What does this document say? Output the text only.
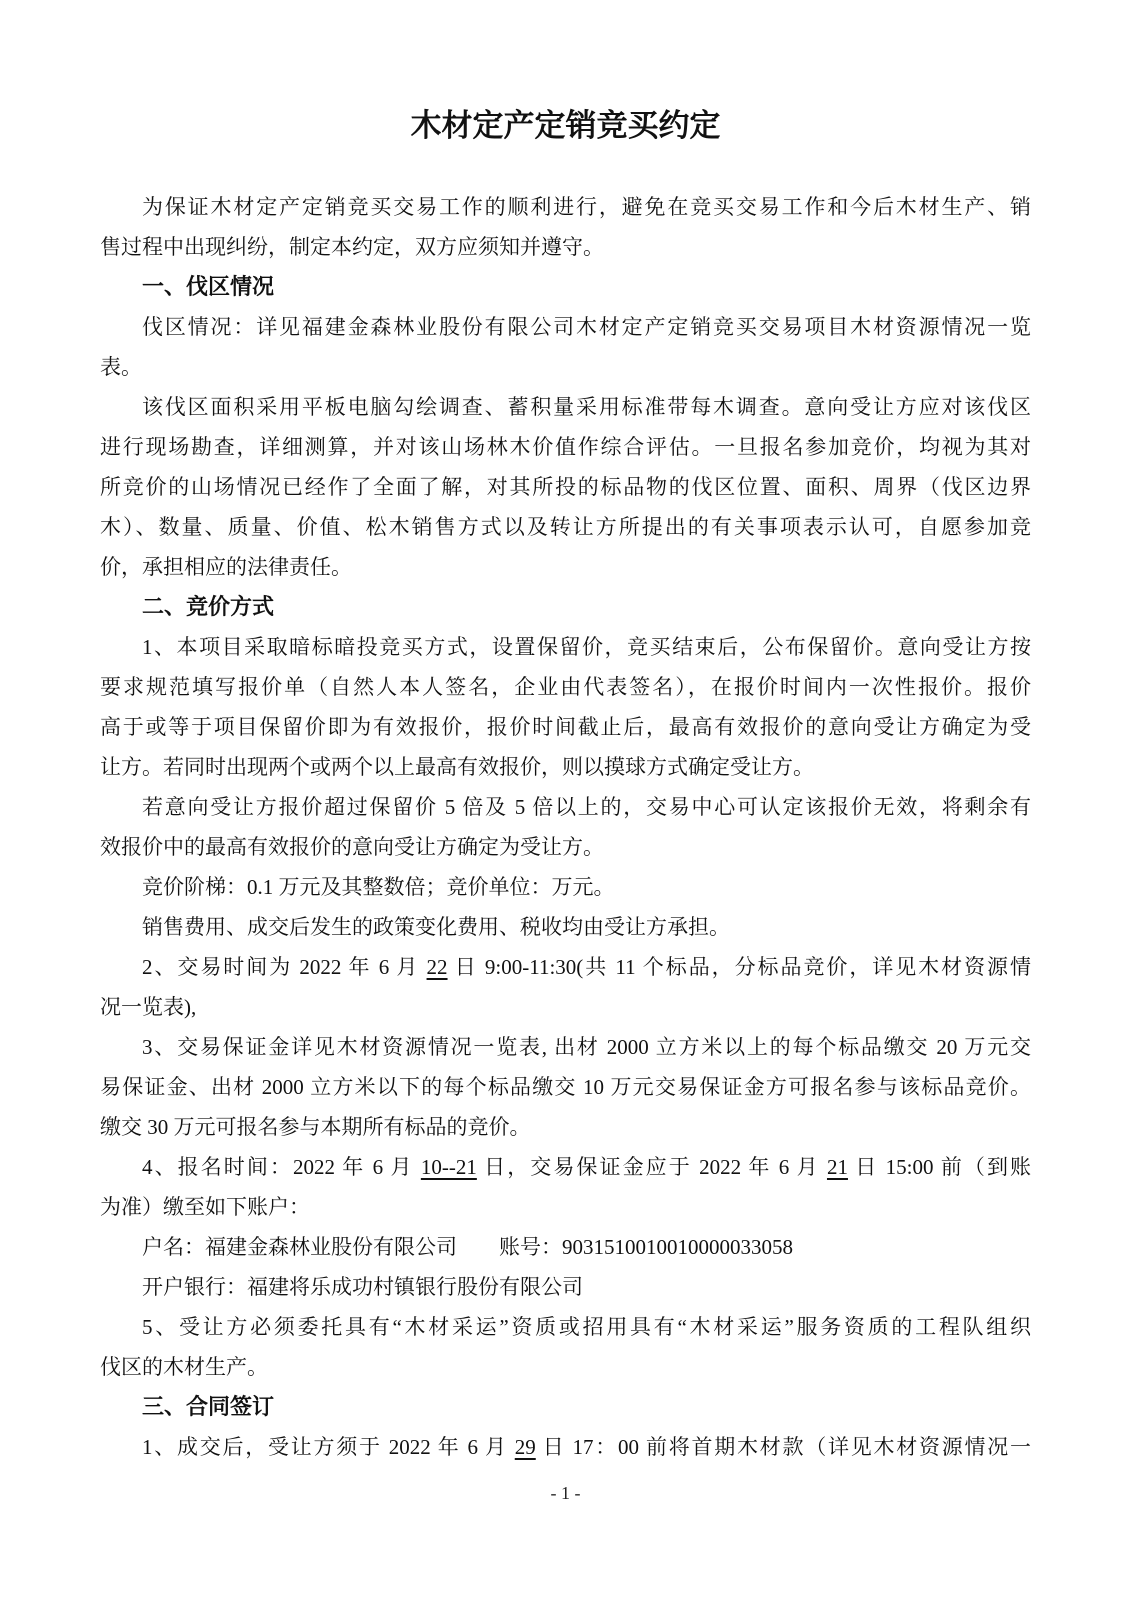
木材定产定销竞买约定
为保证木材定产定销竞买交易工作的顺利进行，避免在竞买交易工作和今后木材生产、销
售过程中出现纠纷，制定本约定，双方应须知并遵守。
一、伐区情况
伐区情况：详见福建金森林业股份有限公司木材定产定销竞买交易项目木材资源情况一览
表。
该伐区面积采用平板电脑勾绘调查、蓄积量采用标准带每木调查。意向受让方应对该伐区
进行现场勘查，详细测算，并对该山场林木价值作综合评估。一旦报名参加竞价，均视为其对
所竞价的山场情况已经作了全面了解，对其所投的标品物的伐区位置、面积、周界（伐区边界
木）、数量、质量、价值、松木销售方式以及转让方所提出的有关事项表示认可，自愿参加竞
价，承担相应的法律责任。
二、竞价方式
1、本项目采取暗标暗投竞买方式，设置保留价，竞买结束后，公布保留价。意向受让方按
要求规范填写报价单（自然人本人签名，企业由代表签名），在报价时间内一次性报价。报价
高于或等于项目保留价即为有效报价，报价时间截止后，最高有效报价的意向受让方确定为受
让方。若同时出现两个或两个以上最高有效报价，则以摸球方式确定受让方。
若意向受让方报价超过保留价 5 倍及 5 倍以上的，交易中心可认定该报价无效，将剩余有
效报价中的最高有效报价的意向受让方确定为受让方。
竞价阶梯：0.1 万元及其整数倍；竞价单位：万元。
销售费用、成交后发生的政策变化费用、税收均由受让方承担。
2、交易时间为 2022 年 6 月 22 日 9:00-11:30(共 11 个标品，分标品竞价，详见木材资源情
况一览表),
3、交易保证金详见木材资源情况一览表, 出材 2000 立方米以上的每个标品缴交 20 万元交
易保证金、出材 2000 立方米以下的每个标品缴交 10 万元交易保证金方可报名参与该标品竞价。
缴交 30 万元可报名参与本期所有标品的竞价。
4、报名时间：2022 年 6 月 10--21 日，交易保证金应于 2022 年 6 月 21 日 15:00 前（到账
为准）缴至如下账户：
户名：福建金森林业股份有限公司　　账号：9031510010010000033058
开户银行：福建将乐成功村镇银行股份有限公司
5、受让方必须委托具有“木材采运”资质或招用具有“木材采运”服务资质的工程队组织
伐区的木材生产。
三、合同签订
1、成交后，受让方须于 2022 年 6 月 29 日 17：00 前将首期木材款（详见木材资源情况一
- 1 -
